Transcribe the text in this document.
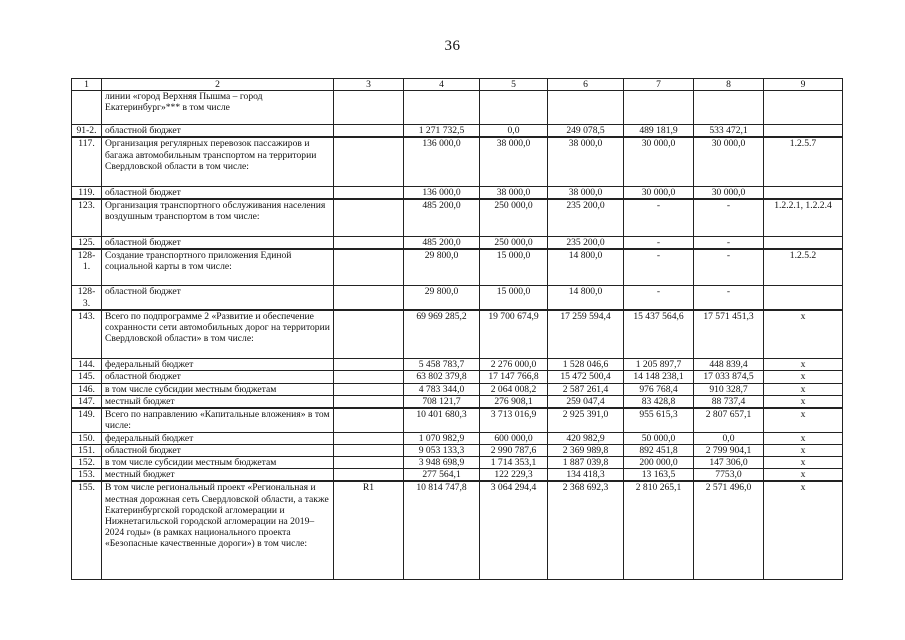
36
1	2	3	4	5	6	7	8	9
	линии «город Верхняя Пышма – город Екатеринбург»*** в том числе							
91-2.	областной бюджет		1 271 732,5	0,0	249 078,5	489 181,9	533 472,1	
117.	Организация регулярных перевозок пассажиров и багажа автомобильным транспортом на территории Свердловской области в том числе:		136 000,0	38 000,0	38 000,0	30 000,0	30 000,0	1.2.5.7
119.	областной бюджет		136 000,0	38 000,0	38 000,0	30 000,0	30 000,0	
123.	Организация транспортного обслуживания населения воздушным транспортом в том числе:		485 200,0	250 000,0	235 200,0	-	-	1.2.2.1, 1.2.2.4
125.	областной бюджет		485 200,0	250 000,0	235 200,0	-	-	
128-1.	Создание транспортного приложения Единой социальной карты в том числе:		29 800,0	15 000,0	14 800,0	-	-	1.2.5.2
128-3.	областной бюджет		29 800,0	15 000,0	14 800,0	-	-	
143.	Всего по подпрограмме 2 «Развитие и обеспечение сохранности сети автомобильных дорог на территории Свердловской области» в том числе:		69 969 285,2	19 700 674,9	17 259 594,4	15 437 564,6	17 571 451,3	х
144.	федеральный бюджет		5 458 783,7	2 276 000,0	1 528 046,6	1 205 897,7	448 839,4	х
145.	областной бюджет		63 802 379,8	17 147 766,8	15 472 500,4	14 148 238,1	17 033 874,5	х
146.	в том числе субсидии местным бюджетам		4 783 344,0	2 064 008,2	2 587 261,4	976 768,4	910 328,7	х
147.	местный бюджет		708 121,7	276 908,1	259 047,4	83 428,8	88 737,4	х
149.	Всего по направлению «Капитальные вложения» в том числе:		10 401 680,3	3 713 016,9	2 925 391,0	955 615,3	2 807 657,1	х
150.	федеральный бюджет		1 070 982,9	600 000,0	420 982,9	50 000,0	0,0	х
151.	областной бюджет		9 053 133,3	2 990 787,6	2 369 989,8	892 451,8	2 799 904,1	х
152.	в том числе субсидии местным бюджетам		3 948 698,9	1 714 353,1	1 887 039,8	200 000,0	147 306,0	х
153.	местный бюджет		277 564,1	122 229,3	134 418,3	13 163,5	7753,0	х
155.	В том числе региональный проект «Региональная и местная дорожная сеть Свердловской области, а также Екатеринбургской городской агломерации и Нижнетагильской городской агломерации на 2019–2024 годы» (в рамках национального проекта «Безопасные качественные дороги») в том числе:	R1	10 814 747,8	3 064 294,4	2 368 692,3	2 810 265,1	2 571 496,0	х
